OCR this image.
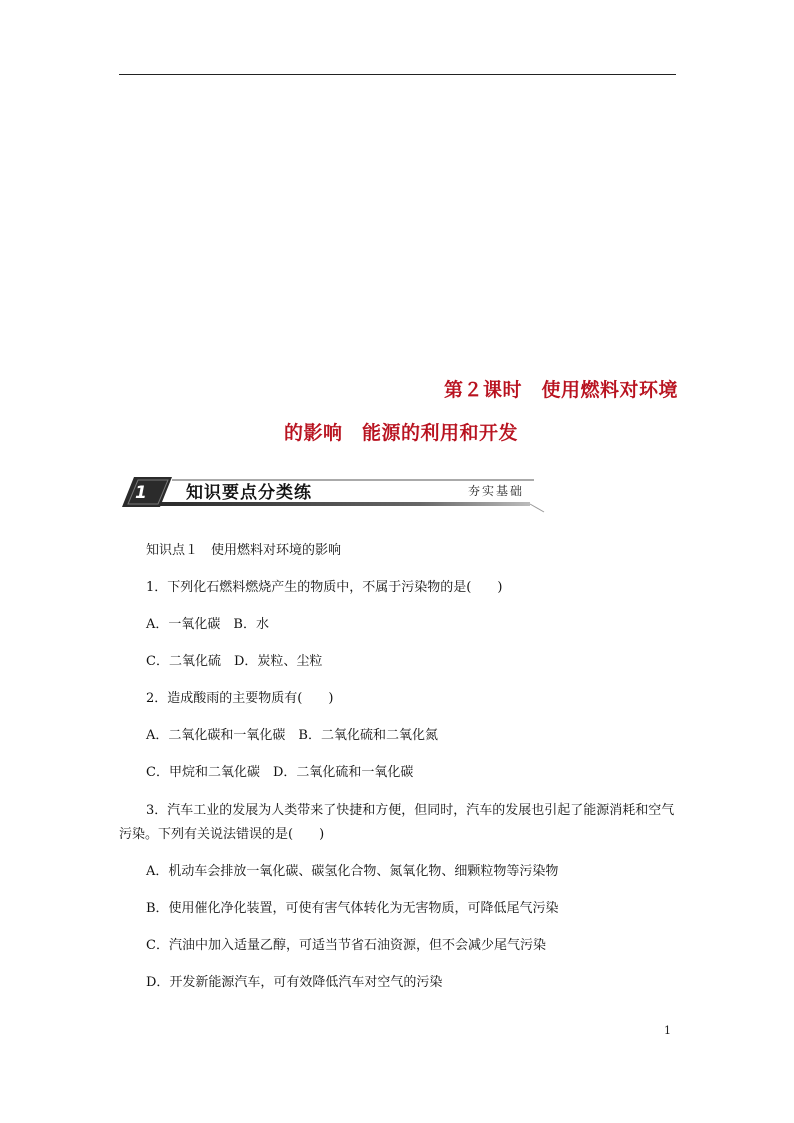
第２课时　使用燃料对环境
的影响　能源的利用和开发
1 知识要点分类练	夯实基础
知识点１　使用燃料对环境的影响
1．下列化石燃料燃烧产生的物质中，不属于污染物的是(　　)
A．一氧化碳　B．水
C．二氧化硫　D．炭粒、尘粒
2．造成酸雨的主要物质有(　　)
A．二氧化碳和一氧化碳　B．二氧化硫和二氧化氮
C．甲烷和二氧化碳　D．二氧化硫和一氧化碳
3．汽车工业的发展为人类带来了快捷和方便，但同时，汽车的发展也引起了能源消耗和空气污染。下列有关说法错误的是(　　)
A．机动车会排放一氧化碳、碳氢化合物、氮氧化物、细颗粒物等污染物
B．使用催化净化装置，可使有害气体转化为无害物质，可降低尾气污染
C．汽油中加入适量乙醇，可适当节省石油资源，但不会减少尾气污染
D．开发新能源汽车，可有效降低汽车对空气的污染
1
